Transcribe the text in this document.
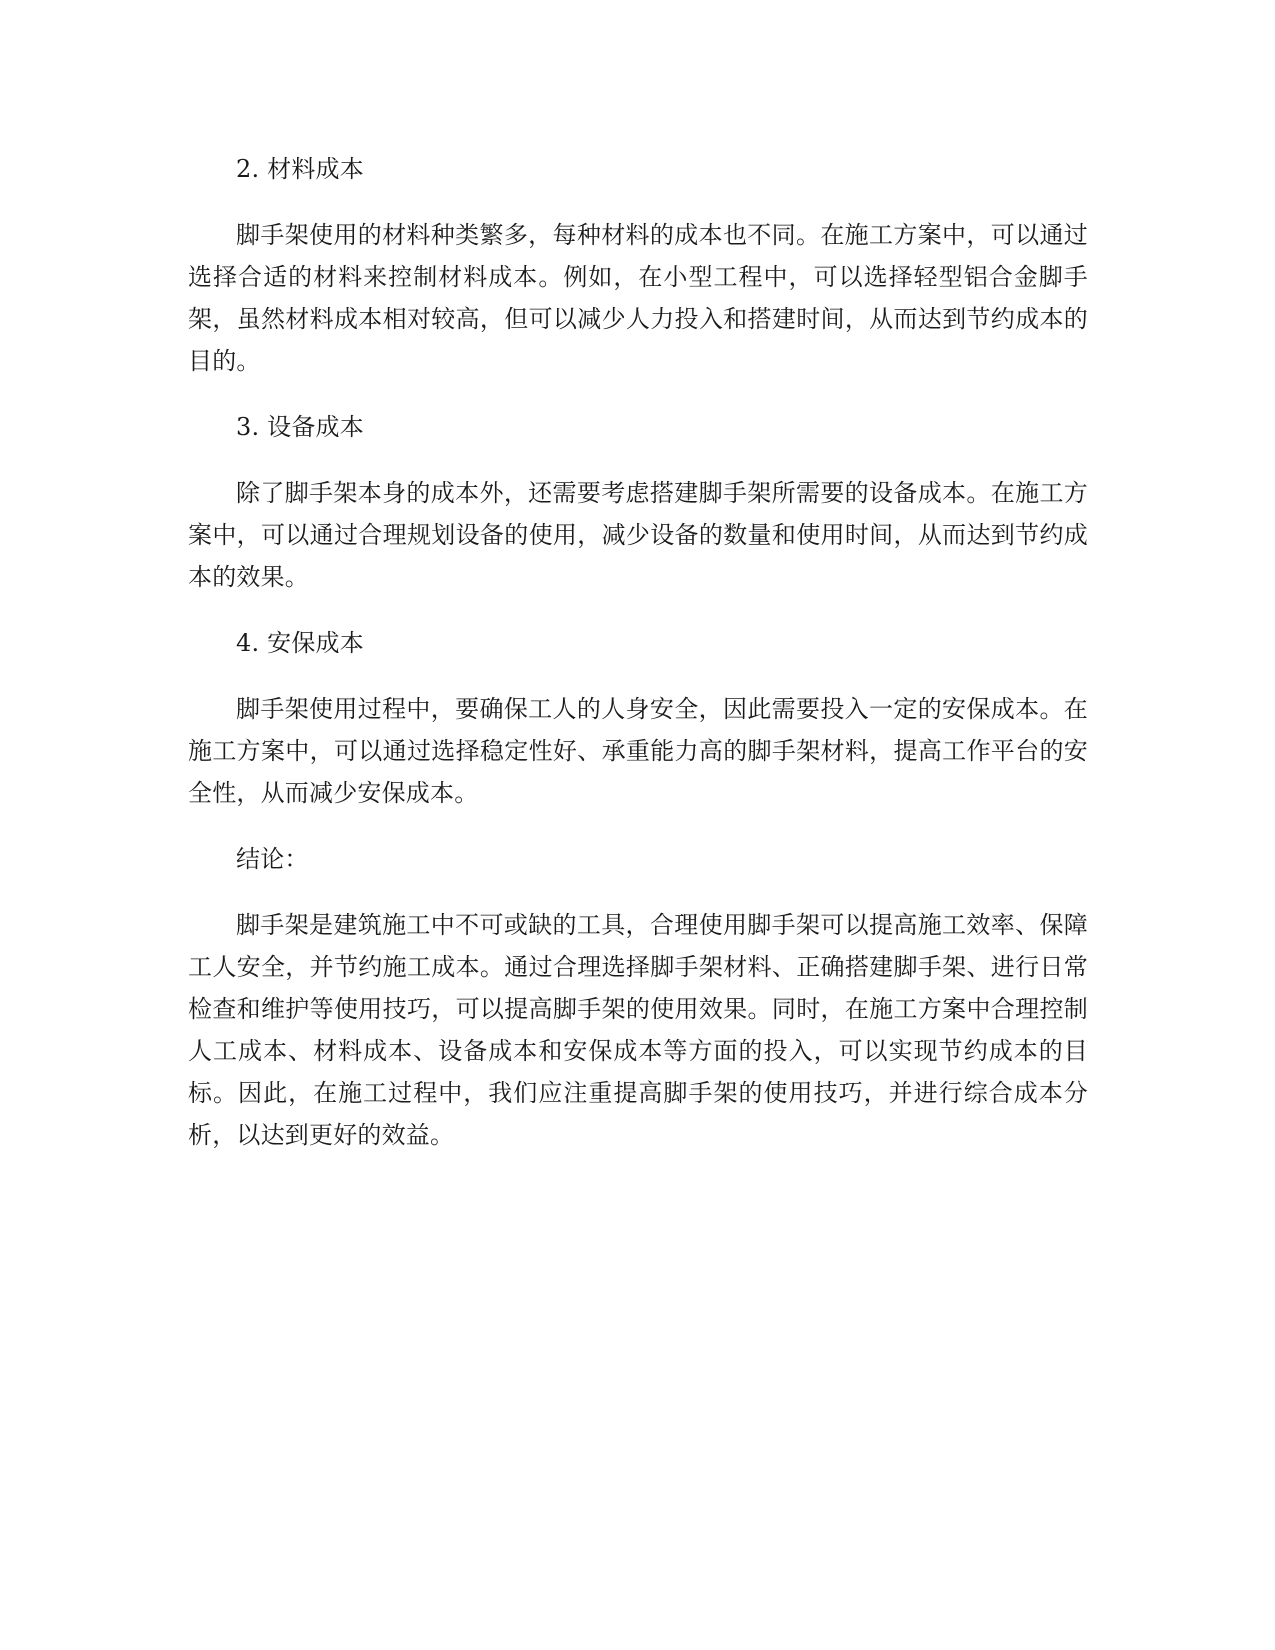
2. 材料成本

脚手架使用的材料种类繁多，每种材料的成本也不同。在施工方案中，可以通过选择合适的材料来控制材料成本。例如，在小型工程中，可以选择轻型铝合金脚手架，虽然材料成本相对较高，但可以减少人力投入和搭建时间，从而达到节约成本的目的。

3. 设备成本

除了脚手架本身的成本外，还需要考虑搭建脚手架所需要的设备成本。在施工方案中，可以通过合理规划设备的使用，减少设备的数量和使用时间，从而达到节约成本的效果。

4. 安保成本

脚手架使用过程中，要确保工人的人身安全，因此需要投入一定的安保成本。在施工方案中，可以通过选择稳定性好、承重能力高的脚手架材料，提高工作平台的安全性，从而减少安保成本。

结论：

脚手架是建筑施工中不可或缺的工具，合理使用脚手架可以提高施工效率、保障工人安全，并节约施工成本。通过合理选择脚手架材料、正确搭建脚手架、进行日常检查和维护等使用技巧，可以提高脚手架的使用效果。同时，在施工方案中合理控制人工成本、材料成本、设备成本和安保成本等方面的投入，可以实现节约成本的目标。因此，在施工过程中，我们应注重提高脚手架的使用技巧，并进行综合成本分析，以达到更好的效益。
